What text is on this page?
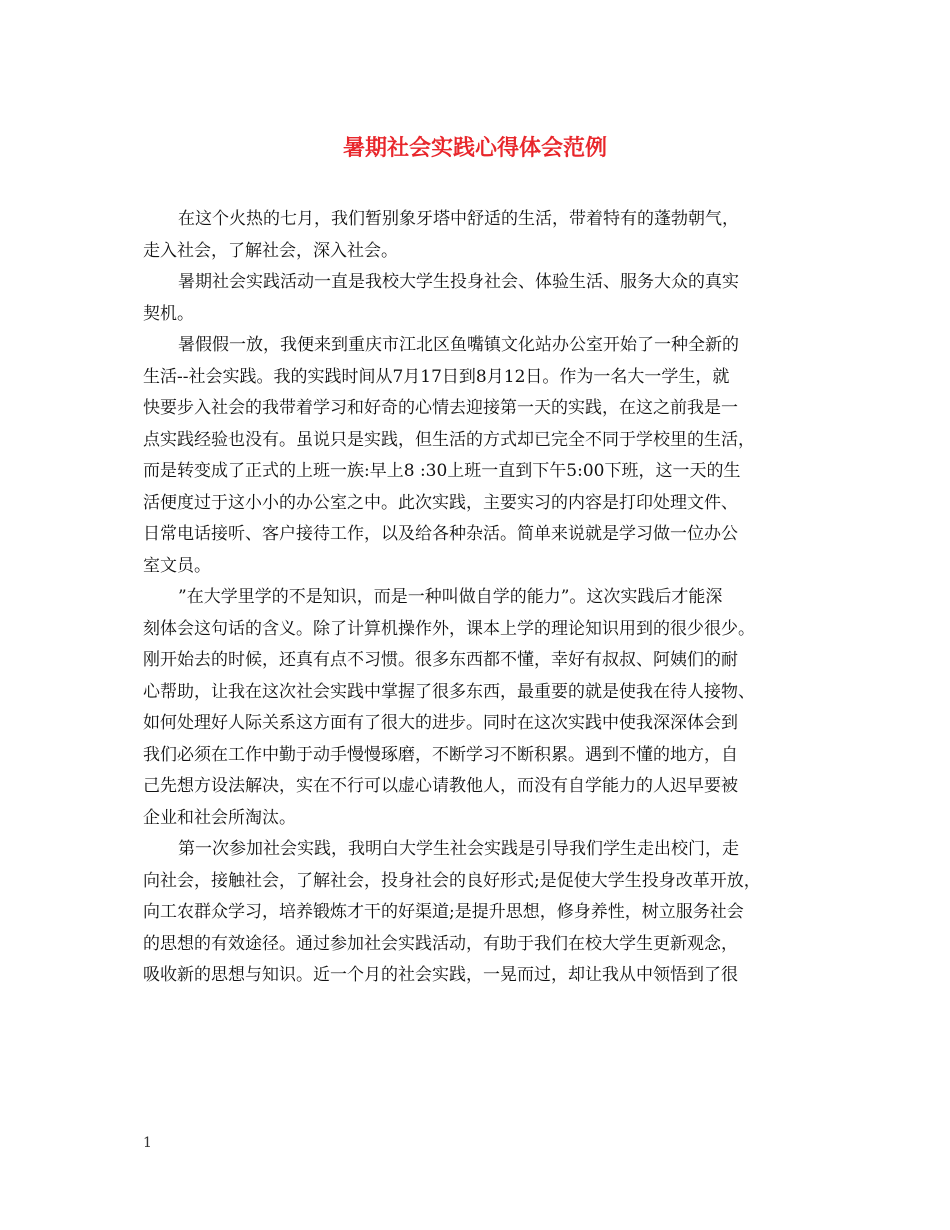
暑期社会实践心得体会范例

在这个火热的七月，我们暂别象牙塔中舒适的生活，带着特有的蓬勃朝气，
走入社会，了解社会，深入社会。

暑期社会实践活动一直是我校大学生投身社会、体验生活、服务大众的真实
契机。

暑假假一放，我便来到重庆市江北区鱼嘴镇文化站办公室开始了一种全新的
生活--社会实践。我的实践时间从7月17日到8月12日。作为一名大一学生，就
快要步入社会的我带着学习和好奇的心情去迎接第一天的实践，在这之前我是一
点实践经验也没有。虽说只是实践，但生活的方式却已完全不同于学校里的生活，
而是转变成了正式的上班一族:早上8 :30上班一直到下午5:00下班，这一天的生
活便度过于这小小的办公室之中。此次实践，主要实习的内容是打印处理文件、
日常电话接听、客户接待工作，以及给各种杂活。简单来说就是学习做一位办公
室文员。

”在大学里学的不是知识，而是一种叫做自学的能力”。这次实践后才能深
刻体会这句话的含义。除了计算机操作外，课本上学的理论知识用到的很少很少。
刚开始去的时候，还真有点不习惯。很多东西都不懂，幸好有叔叔、阿姨们的耐
心帮助，让我在这次社会实践中掌握了很多东西，最重要的就是使我在待人接物、
如何处理好人际关系这方面有了很大的进步。同时在这次实践中使我深深体会到
我们必须在工作中勤于动手慢慢琢磨，不断学习不断积累。遇到不懂的地方，自
己先想方设法解决，实在不行可以虚心请教他人，而没有自学能力的人迟早要被
企业和社会所淘汰。

第一次参加社会实践，我明白大学生社会实践是引导我们学生走出校门，走
向社会，接触社会，了解社会，投身社会的良好形式;是促使大学生投身改革开放，
向工农群众学习，培养锻炼才干的好渠道;是提升思想，修身养性，树立服务社会
的思想的有效途径。通过参加社会实践活动，有助于我们在校大学生更新观念，
吸收新的思想与知识。近一个月的社会实践，一晃而过，却让我从中领悟到了很

1
